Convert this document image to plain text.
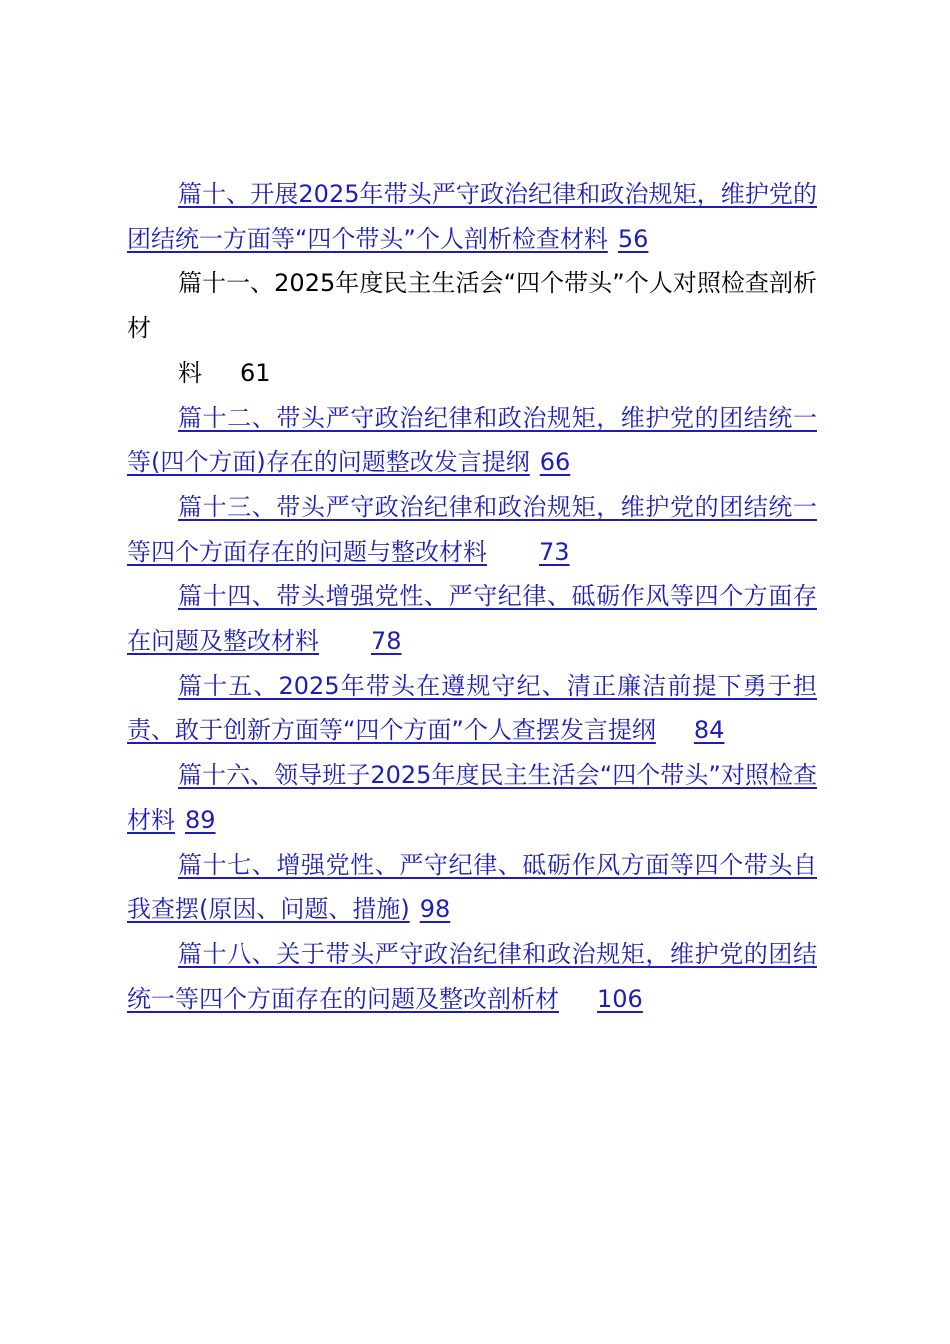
篇十、开展2025年带头严守政治纪律和政治规矩，维护党的团结统一方面等“四个带头”个人剖析检查材料 56

篇十一、2025年度民主生活会“四个带头”个人对照检查剖析材
料 61

篇十二、带头严守政治纪律和政治规矩，维护党的团结统一等(四个方面)存在的问题整改发言提纲 66

篇十三、带头严守政治纪律和政治规矩，维护党的团结统一等四个方面存在的问题与整改材料 73

篇十四、带头增强党性、严守纪律、砥砺作风等四个方面存在问题及整改材料 78

篇十五、2025年带头在遵规守纪、清正廉洁前提下勇于担责、敢于创新方面等“四个方面”个人查摆发言提纲 84

篇十六、领导班子2025年度民主生活会“四个带头”对照检查材料 89

篇十七、增强党性、严守纪律、砥砺作风方面等四个带头自我查摆(原因、问题、措施) 98

篇十八、关于带头严守政治纪律和政治规矩，维护党的团结统一等四个方面存在的问题及整改剖析材 106
